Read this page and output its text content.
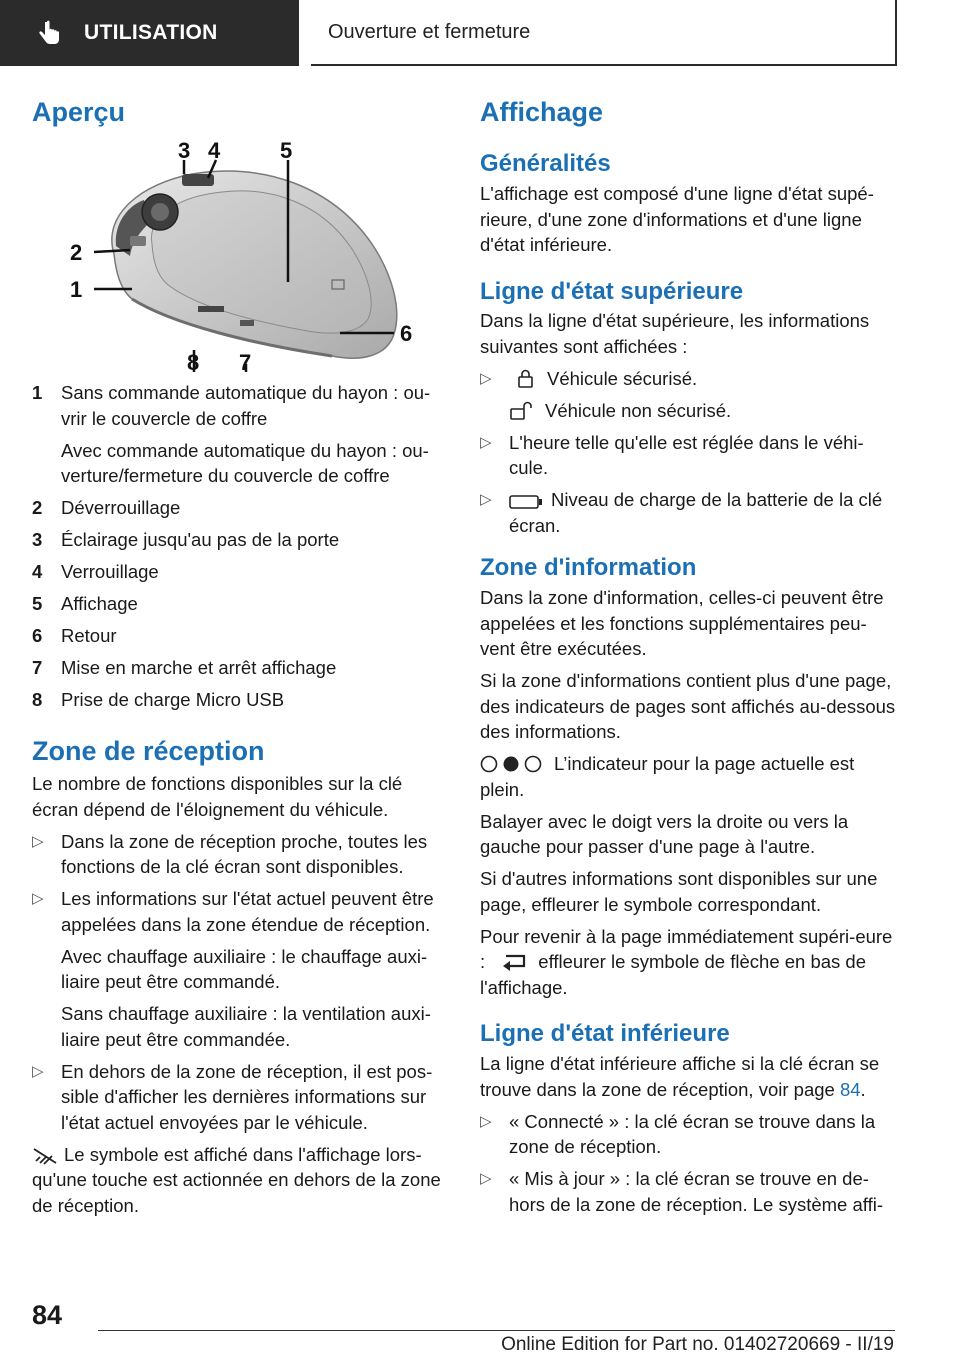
UTILISATION	Ouverture et fermeture
Aperçu
3 4	5
2
1
6
8 7
1	Sans commande automatique du hayon : ou-vrir le couvercle de coffre

Avec commande automatique du hayon : ou-verture/fermeture du couvercle de coffre

2	Déverrouillage
3	Éclairage jusqu'au pas de la porte
4	Verrouillage
5	Affichage
6	Retour
7	Mise en marche et arrêt affichage
8	Prise de charge Micro USB
Zone de réception

Le nombre de fonctions disponibles sur la clé écran dépend de l'éloignement du véhicule.

▷ Dans la zone de réception proche, toutes les fonctions de la clé écran sont disponibles.

▷ Les informations sur l'état actuel peuvent être appelées dans la zone étendue de réception.

Avec chauffage auxiliaire : le chauffage auxi-liaire peut être commandé.

Sans chauffage auxiliaire : la ventilation auxi-liaire peut être commandée.

▷ En dehors de la zone de réception, il est pos-sible d'afficher les dernières informations sur l'état actuel envoyées par le véhicule.

Le symbole est affiché dans l'affichage lors-qu'une touche est actionnée en dehors de la zone de réception.

Affichage
Généralités

L'affichage est composé d'une ligne d'état supé-rieure, d'une zone d'informations et d'une ligne d'état inférieure.

Ligne d'état supérieure

Dans la ligne d'état supérieure, les informations suivantes sont affichées :

▷	Véhicule sécurisé.

Véhicule non sécurisé.

▷ L'heure telle qu'elle est réglée dans le véhi-cule.

▷	Niveau de charge de la batterie de la clé écran.

Zone d'information

Dans la zone d'information, celles-ci peuvent être appelées et les fonctions supplémentaires peu-vent être exécutées.

Si la zone d'informations contient plus d'une page, des indicateurs de pages sont affichés au-dessous des informations.

L’indicateur pour la page actuelle est plein.

Balayer avec le doigt vers la droite ou vers la gauche pour passer d'une page à l'autre.

Si d'autres informations sont disponibles sur une page, effleurer le symbole correspondant.

Pour revenir à la page immédiatement supéri-eure :	effleurer le symbole de flèche en bas de l'affichage.

Ligne d'état inférieure

La ligne d'état inférieure affiche si la clé écran se trouve dans la zone de réception, voir page 84.

▷ « Connecté » : la clé écran se trouve dans la zone de réception.

▷ « Mis à jour » : la clé écran se trouve en de-hors de la zone de réception. Le système affi-

84
Online Edition for Part no. 01402720669 - II/19
